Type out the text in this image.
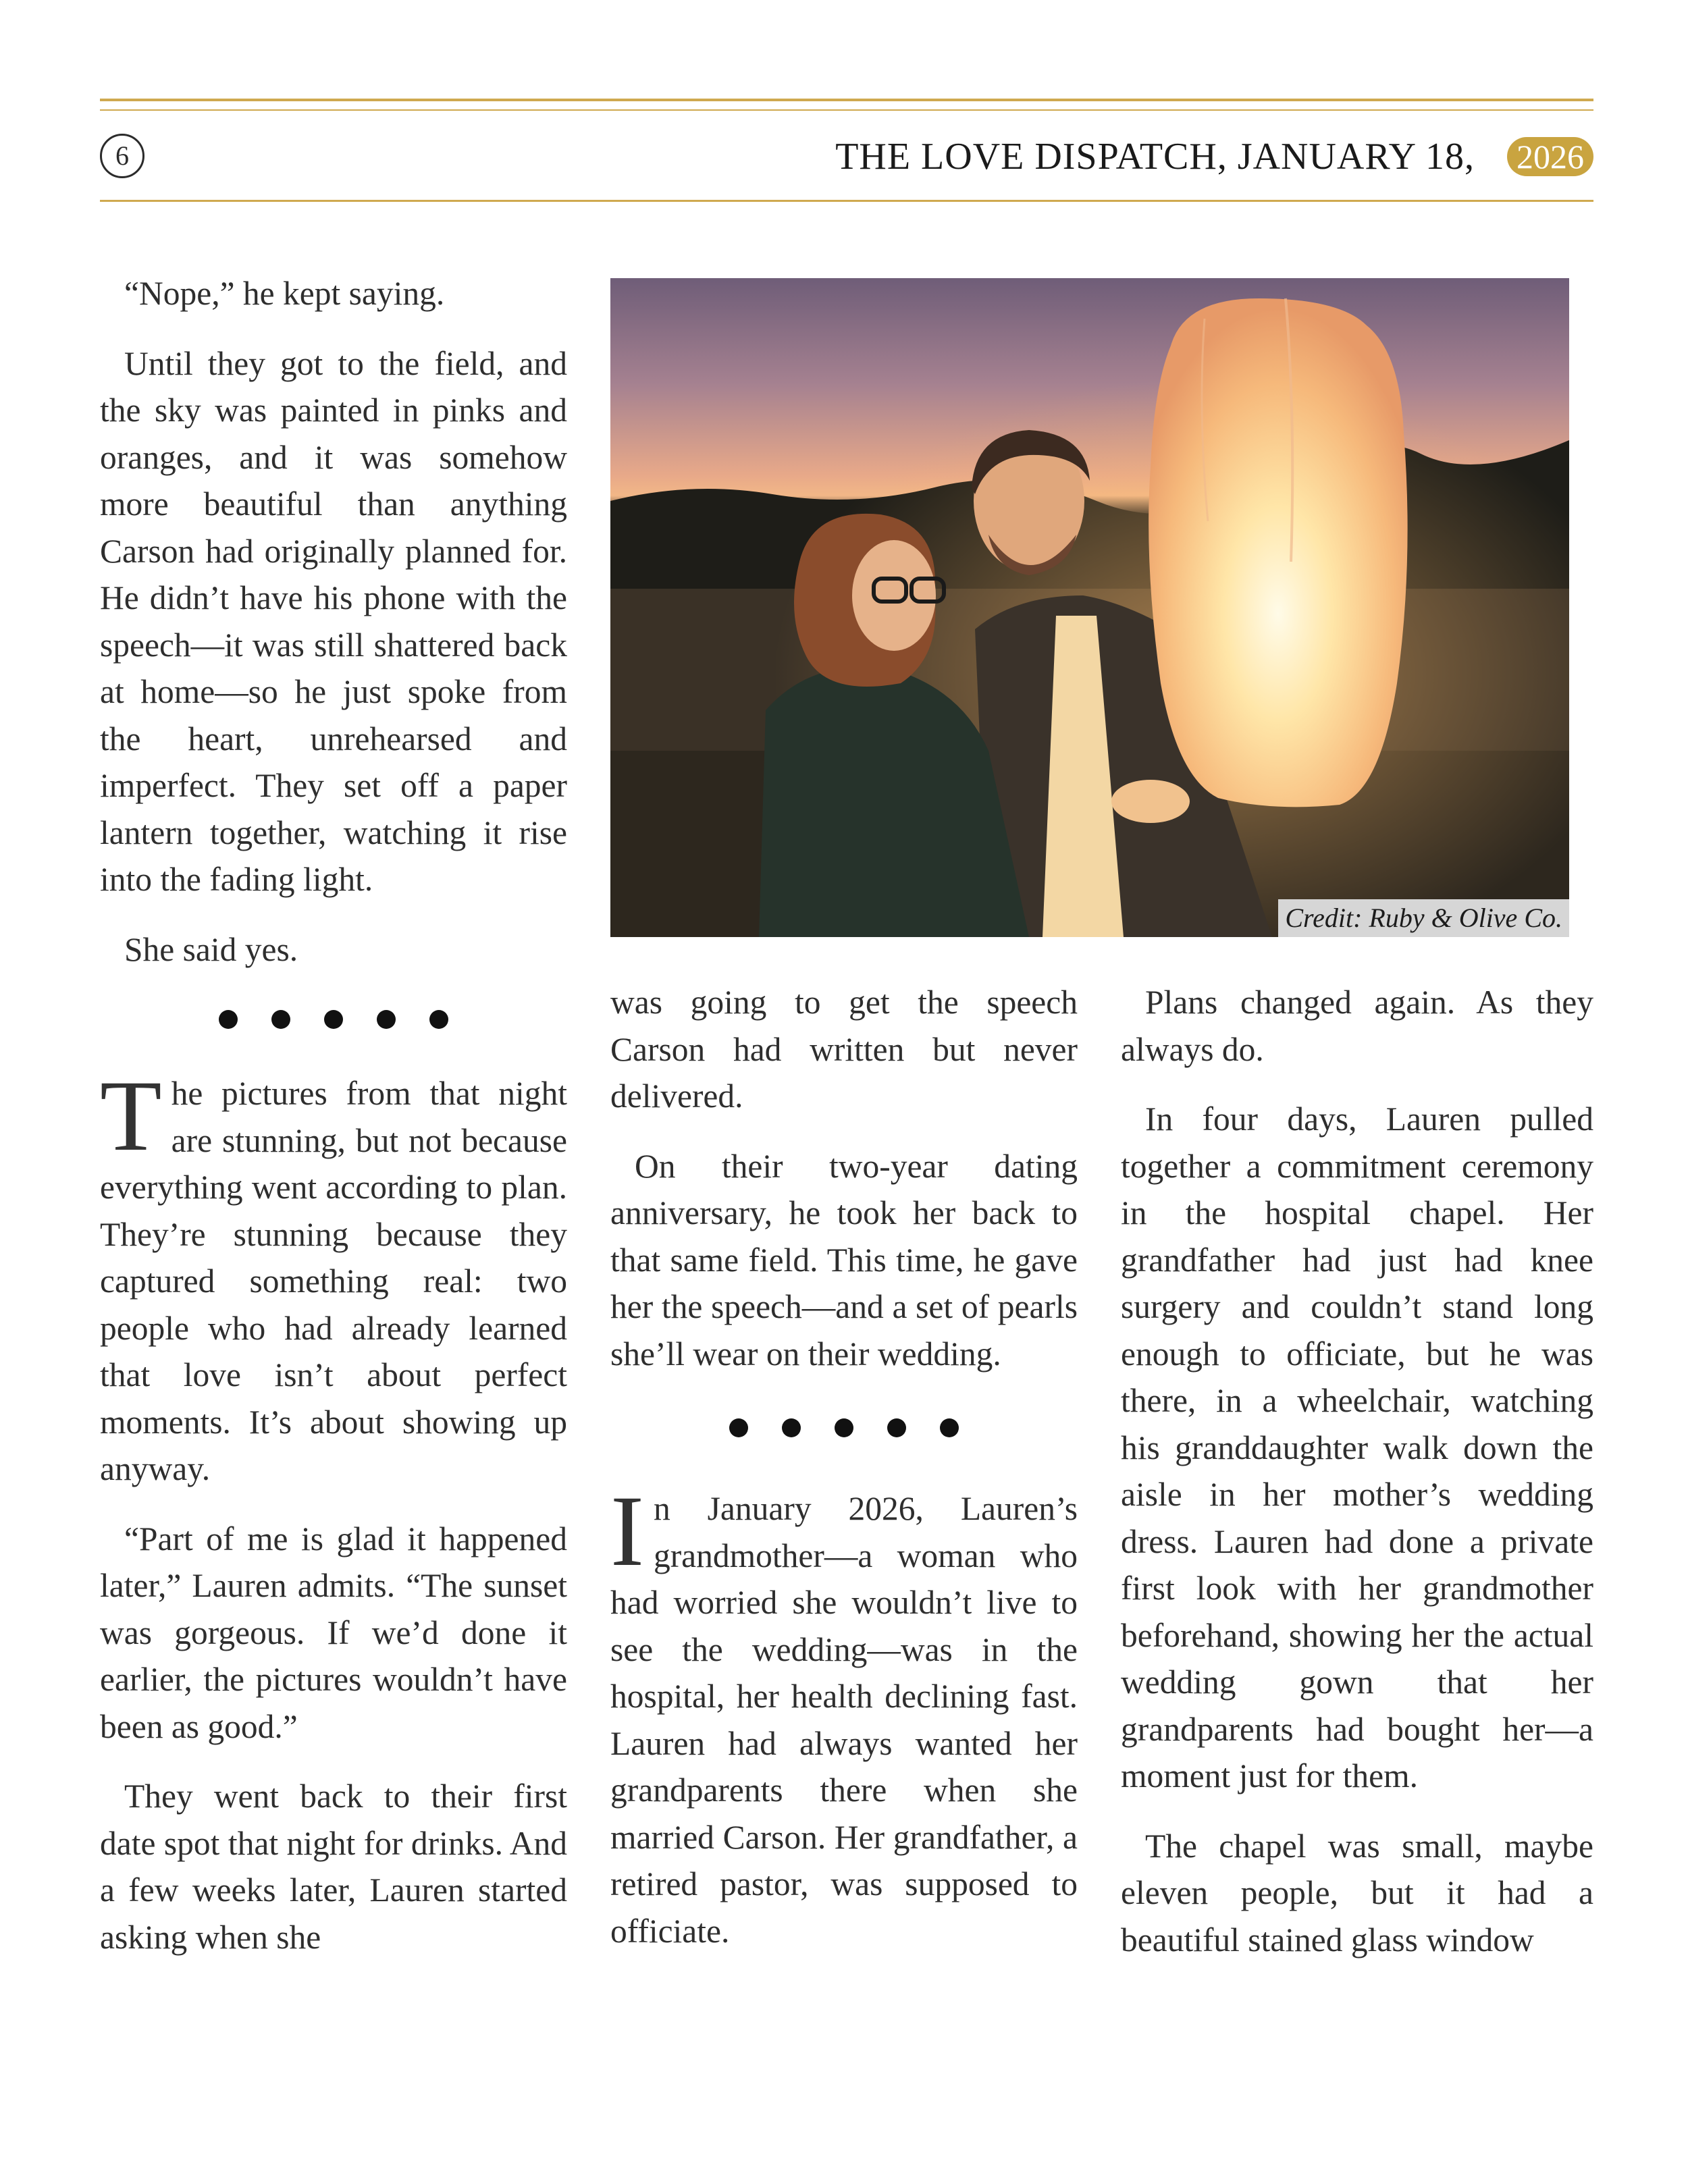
6	THE LOVE DISPATCH, JANUARY 18, 2026

“Nope,” he kept saying.

Until they got to the field, and the sky was painted in pinks and oranges, and it was somehow more beautiful than anything Carson had originally planned for. He didn’t have his phone with the speech—it was still shattered back at home—so he just spoke from the heart, unrehearsed and imperfect. They set off a paper lantern together, watching it rise into the fading light.

She said yes.

The pictures from that night are stunning, but not because everything went according to plan. They’re stunning because they captured something real: two people who had already learned that love isn’t about perfect moments. It’s about showing up anyway.

“Part of me is glad it happened later,” Lauren admits. “The sunset was gorgeous. If we’d done it earlier, the pictures wouldn’t have been as good.”

They went back to their first date spot that night for drinks. And a few weeks later, Lauren started asking when she

Credit: Ruby & Olive Co.

was going to get the speech Carson had written but never delivered.

On their two-year dating anniversary, he took her back to that same field. This time, he gave her the speech—and a set of pearls she’ll wear on their wedding.

In January 2026, Lauren’s grandmother—a woman who had worried she wouldn’t live to see the wedding—was in the hospital, her health declining fast. Lauren had always wanted her grandparents there when she married Carson. Her grandfather, a retired pastor, was supposed to officiate.

Plans changed again. As they always do.

In four days, Lauren pulled together a commitment ceremony in the hospital chapel. Her grandfather had just had knee surgery and couldn’t stand long enough to officiate, but he was there, in a wheelchair, watching his granddaughter walk down the aisle in her mother’s wedding dress. Lauren had done a private first look with her grandmother beforehand, showing her the actual wedding gown that her grandparents had bought her—a moment just for them.

The chapel was small, maybe eleven people, but it had a beautiful stained glass window
